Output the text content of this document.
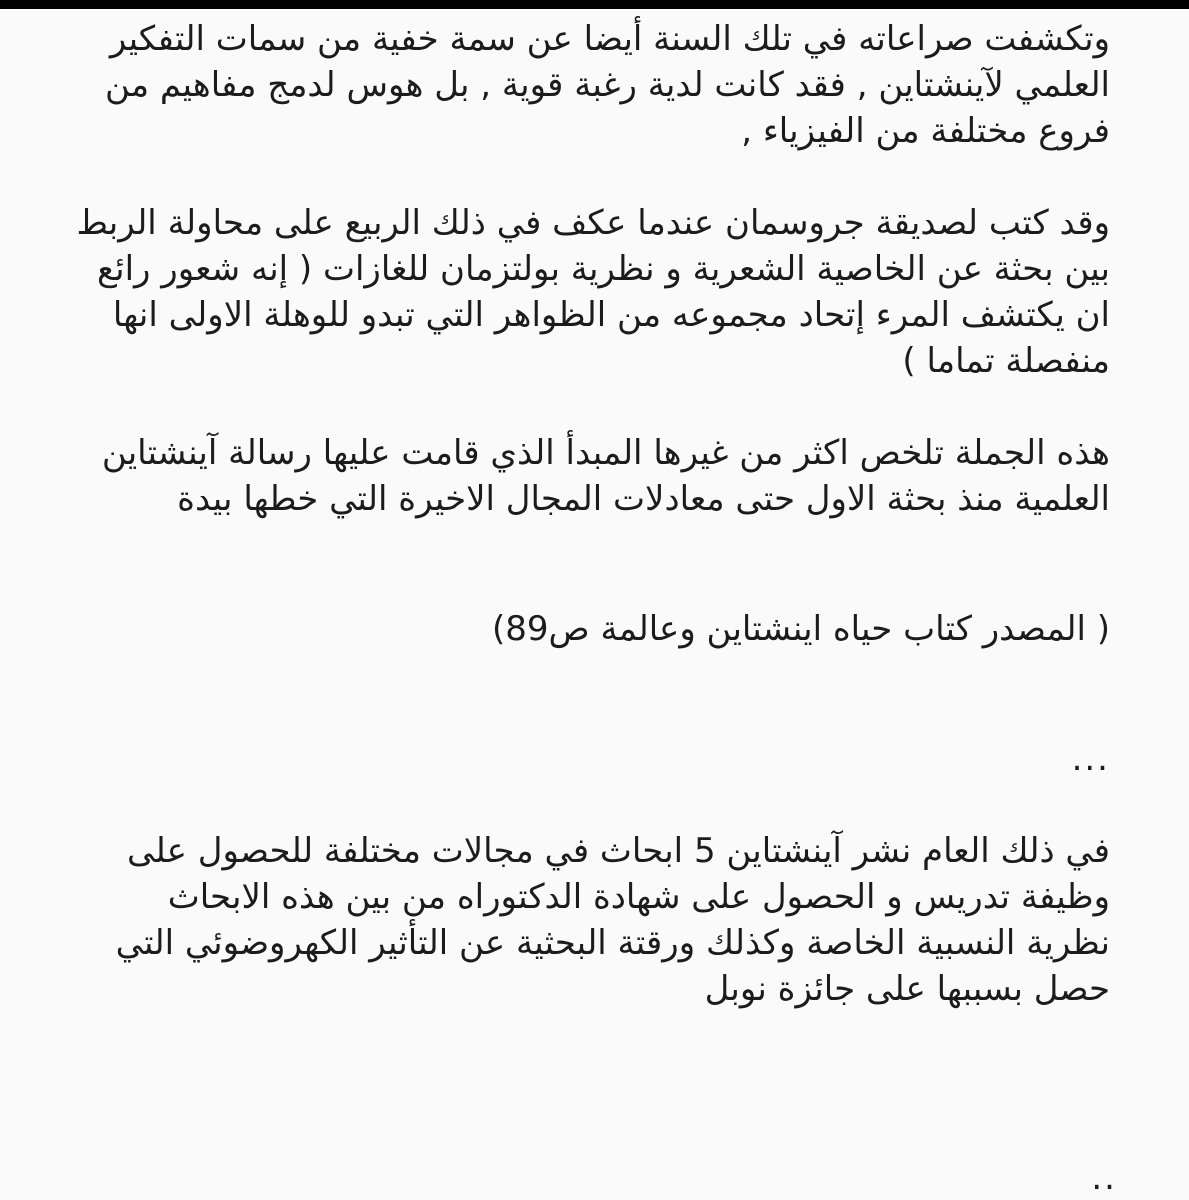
وتكشفت صراعاته في تلك السنة أيضا عن سمة خفية من سمات التفكير

العلمي لآينشتاين , فقد كانت لدية رغبة قوية , بل هوس لدمج مفاهيم من

فروع مختلفة من الفيزياء ,

وقد كتب لصديقة جروسمان عندما عكف في ذلك الربيع على محاولة الربط

بين بحثة عن الخاصية الشعرية و نظرية بولتزمان للغازات ( إنه شعور رائع

ان يكتشف المرء إتحاد مجموعه من الظواهر التي تبدو للوهلة الاولى انها

منفصلة تماما )

هذه الجملة تلخص اكثر من غيرها المبدأ الذي قامت عليها رسالة آينشتاين

العلمية منذ بحثة الاول حتى معادلات المجال الاخيرة التي خطها بيدة

( المصدر كتاب حياه اينشتاين وعالمة ص89)

...

في ذلك العام نشر آينشتاين 5 ابحاث في مجالات مختلفة للحصول على

وظيفة تدريس و الحصول على شهادة الدكتوراه من بين هذه الابحاث

نظرية النسبية الخاصة وكذلك ورقتة البحثية عن التأثير الكهروضوئي التي

حصل بسببها على جائزة نوبل

..
